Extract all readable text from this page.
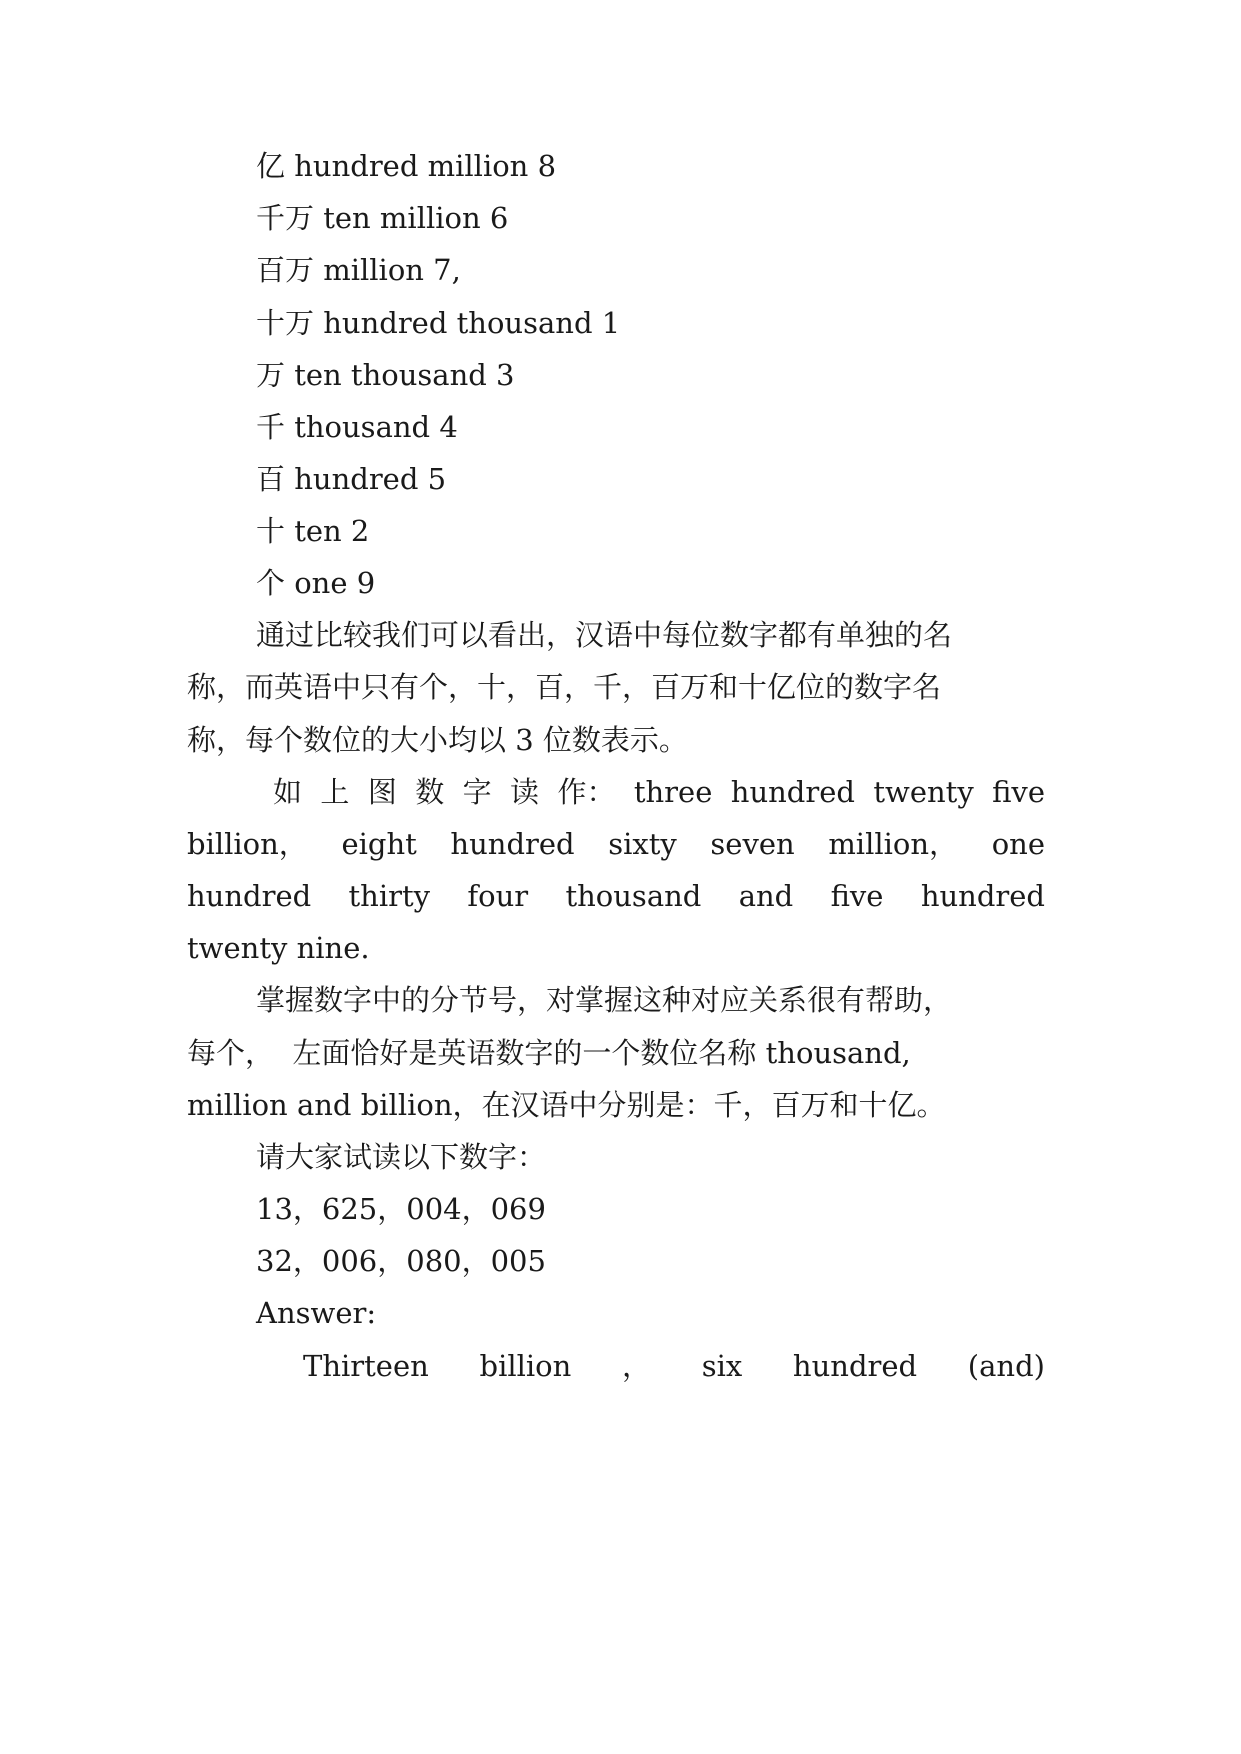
亿 hundred million 8
千万 ten million 6
百万 million 7,
十万 hundred thousand 1
万 ten thousand 3
千 thousand 4
百 hundred 5
十 ten 2
个 one 9
通过比较我们可以看出，汉语中每位数字都有单独的名
称，而英语中只有个，十，百，千，百万和十亿位的数字名
称，每个数位的大小均以 3 位数表示。
如 上 图 数 字 读 作： three hundred twenty five
billion， eight hundred sixty seven million， one
hundred thirty four thousand and five hundred
twenty nine.
掌握数字中的分节号，对掌握这种对应关系很有帮助，
每个，  左面恰好是英语数字的一个数位名称 thousand,
million and billion，在汉语中分别是：千，百万和十亿。
请大家试读以下数字：
13，625，004，069
32，006，080，005
Answer:
Thirteen billion ， six hundred (and)
